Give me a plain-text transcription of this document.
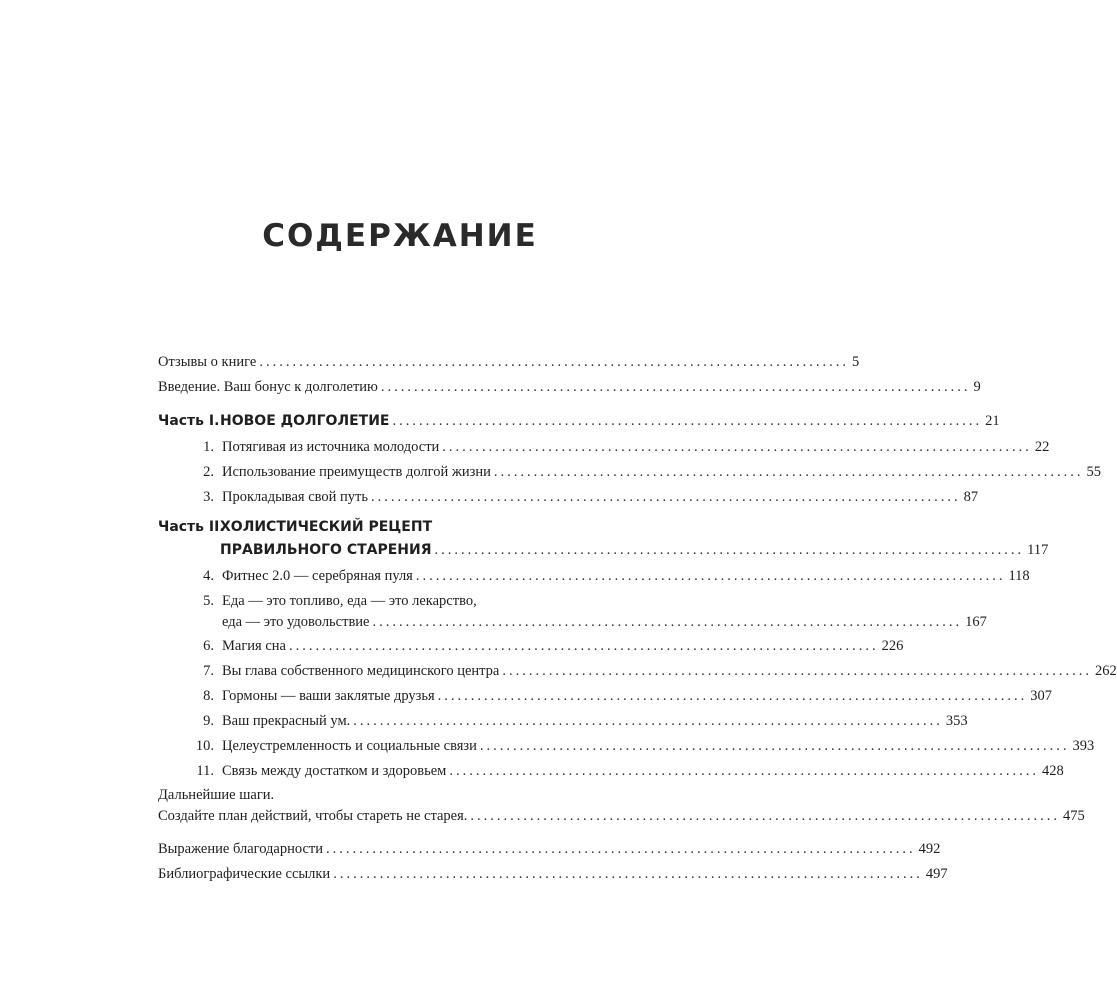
СОДЕРЖАНИЕ
Отзывы о книге ......................................................................................... 5
Введение. Ваш бонус к долголетию ......................................................................................... 9
Часть I. НОВОЕ ДОЛГОЛЕТИЕ ......................................................................................... 21
1. Потягивая из источника молодости ......................................................................................... 22
2. Использование преимуществ долгой жизни ......................................................................................... 55
3. Прокладывая свой путь ......................................................................................... 87
Часть II.
ХОЛИСТИЧЕСКИЙ РЕЦЕПТ
ПРАВИЛЬНОГО СТАРЕНИЯ ......................................................................................... 117
4. Фитнес 2.0 — серебряная пуля ......................................................................................... 118
5. Еда — это топливо, еда — это лекарство,
еда — это удовольствие ......................................................................................... 167
6. Магия сна ......................................................................................... 226
7. Вы глава собственного медицинского центра ......................................................................................... 262
8. Гормоны — ваши заклятые друзья ......................................................................................... 307
9. Ваш прекрасный ум. ......................................................................................... 353
10. Целеустремленность и социальные связи ......................................................................................... 393
11. Связь между достатком и здоровьем ......................................................................................... 428
Дальнейшие шаги.
Создайте план действий, чтобы стареть не старея. ......................................................................................... 475
Выражение благодарности ......................................................................................... 492
Библиографические ссылки ......................................................................................... 497
